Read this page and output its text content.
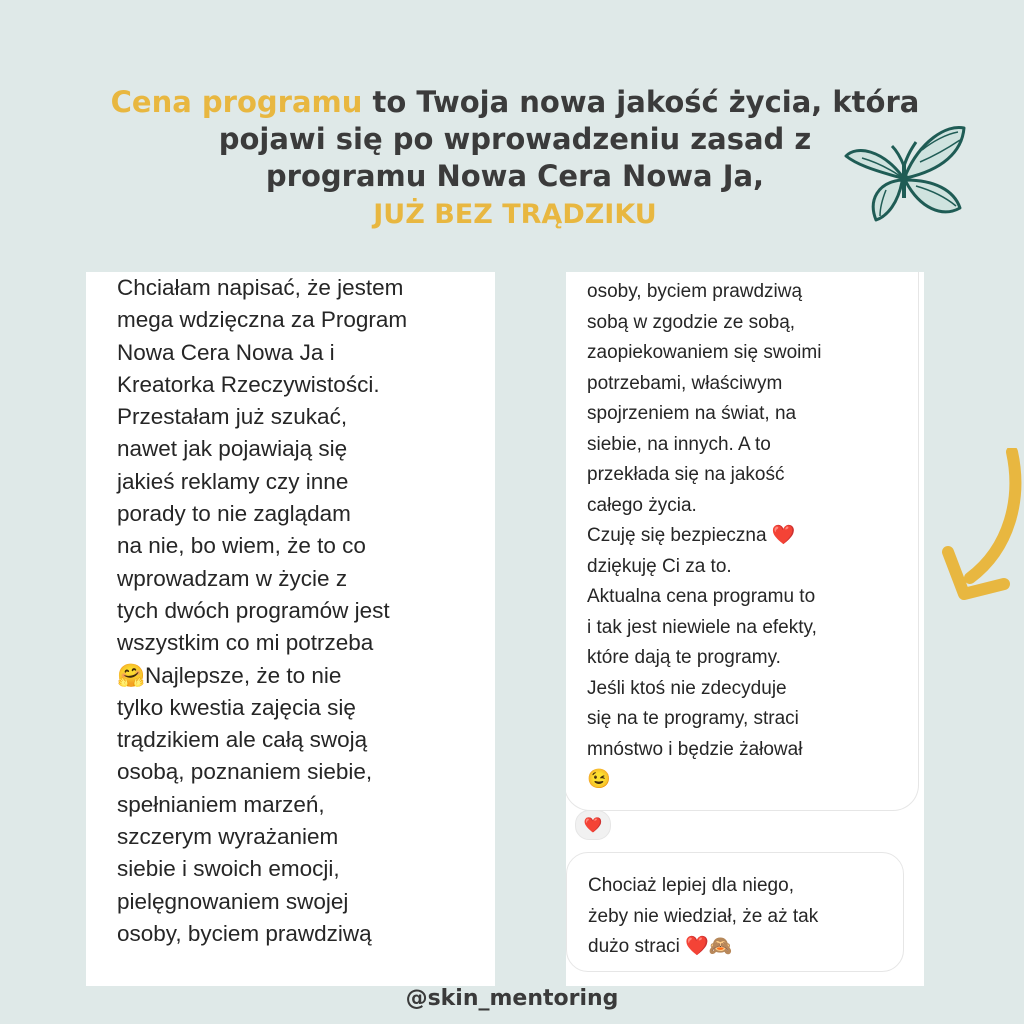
Cena programu to Twoja nowa jakość życia, która
pojawi się po wprowadzeniu zasad z
programu Nowa Cera Nowa Ja,
JUŻ BEZ TRĄDZIKU

Chciałam napisać, że jestem
mega wdzięczna za Program
Nowa Cera Nowa Ja i
Kreatorka Rzeczywistości.
Przestałam już szukać,
nawet jak pojawiają się
jakieś reklamy czy inne
porady to nie zaglądam
na nie, bo wiem, że to co
wprowadzam w życie z
tych dwóch programów jest
wszystkim co mi potrzeba
🤗Najlepsze, że to nie
tylko kwestia zajęcia się
trądzikiem ale całą swoją
osobą, poznaniem siebie,
spełnianiem marzeń,
szczerym wyrażaniem
siebie i swoich emocji,
pielęgnowaniem swojej
osoby, byciem prawdziwą

osoby, byciem prawdziwą
sobą w zgodzie ze sobą,
zaopiekowaniem się swoimi
potrzebami, właściwym
spojrzeniem na świat, na
siebie, na innych. A to
przekłada się na jakość
całego życia.
Czuję się bezpieczna ❤️
dziękuję Ci za to.
Aktualna cena programu to
i tak jest niewiele na efekty,
które dają te programy.
Jeśli ktoś nie zdecyduje
się na te programy, straci
mnóstwo i będzie żałował
😉

❤️

Chociaż lepiej dla niego,
żeby nie wiedział, że aż tak
dużo straci ❤️🙈

@skin_mentoring
